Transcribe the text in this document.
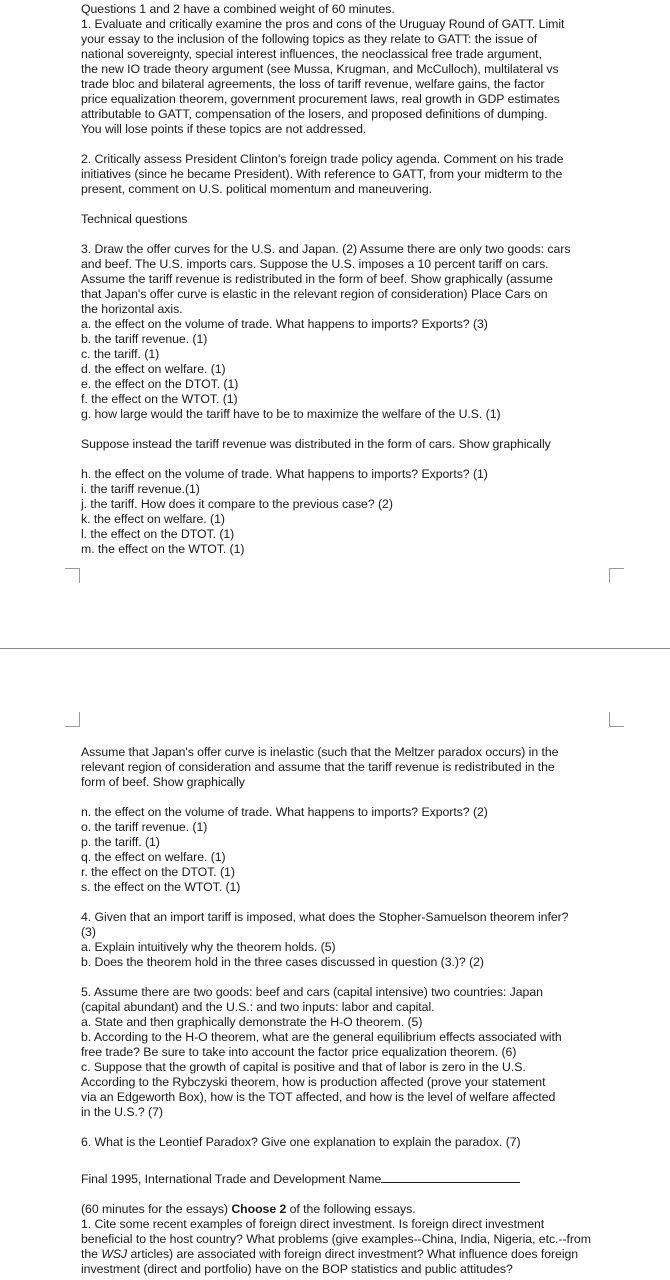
Questions 1 and 2 have a combined weight of 60 minutes.

1. Evaluate and critically examine the pros and cons of the Uruguay Round of GATT. Limit
your essay to the inclusion of the following topics as they relate to GATT: the issue of
national sovereignty, special interest influences, the neoclassical free trade argument,
the new IO trade theory argument (see Mussa, Krugman, and McCulloch), multilateral vs
trade bloc and bilateral agreements, the loss of tariff revenue, welfare gains, the factor
price equalization theorem, government procurement laws, real growth in GDP estimates
attributable to GATT, compensation of the losers, and proposed definitions of dumping.
You will lose points if these topics are not addressed.

2. Critically assess President Clinton's foreign trade policy agenda. Comment on his trade
initiatives (since he became President). With reference to GATT, from your midterm to the
present, comment on U.S. political momentum and maneuvering.

Technical questions

3. Draw the offer curves for the U.S. and Japan. (2) Assume there are only two goods: cars
and beef. The U.S. imports cars. Suppose the U.S. imposes a 10 percent tariff on cars.
Assume the tariff revenue is redistributed in the form of beef. Show graphically (assume
that Japan's offer curve is elastic in the relevant region of consideration) Place Cars on
the horizontal axis.

a. the effect on the volume of trade. What happens to imports? Exports? (3)

b. the tariff revenue. (1)

c. the tariff. (1)

d. the effect on welfare. (1)

e. the effect on the DTOT. (1)

f. the effect on the WTOT. (1)

g. how large would the tariff have to be to maximize the welfare of the U.S. (1)

Suppose instead the tariff revenue was distributed in the form of cars. Show graphically

h. the effect on the volume of trade. What happens to imports? Exports? (1)

i. the tariff revenue.(1)

j. the tariff. How does it compare to the previous case? (2)

k. the effect on welfare. (1)

l. the effect on the DTOT. (1)

m. the effect on the WTOT. (1)

Assume that Japan's offer curve is inelastic (such that the Meltzer paradox occurs) in the
relevant region of consideration and assume that the tariff revenue is redistributed in the
form of beef. Show graphically

n. the effect on the volume of trade. What happens to imports? Exports? (2)

o. the tariff revenue. (1)

p. the tariff. (1)

q. the effect on welfare. (1)

r. the effect on the DTOT. (1)

s. the effect on the WTOT. (1)

4. Given that an import tariff is imposed, what does the Stopher-Samuelson theorem infer?
(3)

a. Explain intuitively why the theorem holds. (5)

b. Does the theorem hold in the three cases discussed in question (3.)? (2)

5. Assume there are two goods: beef and cars (capital intensive) two countries: Japan
(capital abundant) and the U.S.: and two inputs: labor and capital.

a. State and then graphically demonstrate the H-O theorem. (5)

b. According to the H-O theorem, what are the general equilibrium effects associated with
free trade? Be sure to take into account the factor price equalization theorem. (6)

c. Suppose that the growth of capital is positive and that of labor is zero in the U.S.
According to the Rybczyski theorem, how is production affected (prove your statement
via an Edgeworth Box), how is the TOT affected, and how is the level of welfare affected
in the U.S.? (7)

6. What is the Leontief Paradox? Give one explanation to explain the paradox. (7)

Final 1995, International Trade and Development Name

(60 minutes for the essays) Choose 2 of the following essays.

1. Cite some recent examples of foreign direct investment. Is foreign direct investment
beneficial to the host country? What problems (give examples--China, India, Nigeria, etc.--from
the WSJ articles) are associated with foreign direct investment? What influence does foreign
investment (direct and portfolio) have on the BOP statistics and public attitudes?
